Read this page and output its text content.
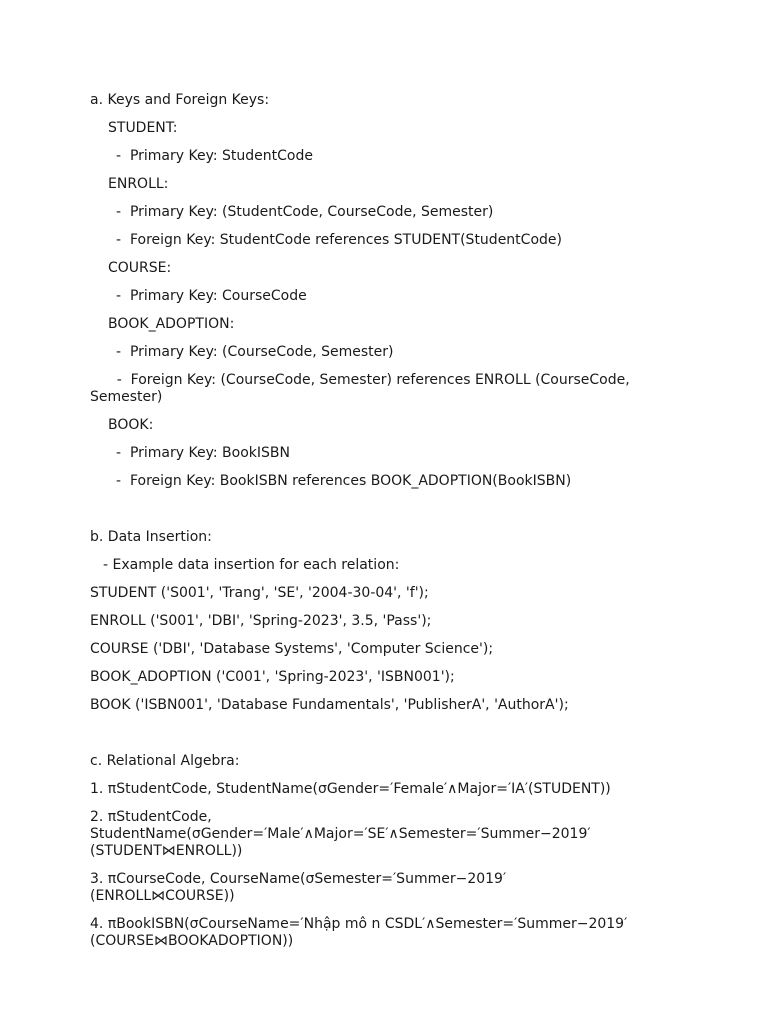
a. Keys and Foreign Keys:
STUDENT:
-  Primary Key: StudentCode
ENROLL:
-  Primary Key: (StudentCode, CourseCode, Semester)
-  Foreign Key: StudentCode references STUDENT(StudentCode)
COURSE:
-  Primary Key: CourseCode
BOOK_ADOPTION:
-  Primary Key: (CourseCode, Semester)
-  Foreign Key: (CourseCode, Semester) references ENROLL (CourseCode, Semester)
BOOK:
-  Primary Key: BookISBN
-  Foreign Key: BookISBN references BOOK_ADOPTION(BookISBN)
b. Data Insertion:
- Example data insertion for each relation:
STUDENT ('S001', 'Trang', 'SE', '2004-30-04', 'f');
ENROLL ('S001', 'DBI', 'Spring-2023', 3.5, 'Pass');
COURSE ('DBI', 'Database Systems', 'Computer Science');
BOOK_ADOPTION ('C001', 'Spring-2023', 'ISBN001');
BOOK ('ISBN001', 'Database Fundamentals', 'PublisherA', 'AuthorA');
c. Relational Algebra:
1. πStudentCode, StudentName(σGender=′Female′∧Major=′IA′(STUDENT))
2. πStudentCode, StudentName(σGender=′Male′∧Major=′SE′∧Semester=′Summer−2019′(STUDENT⋈ENROLL))
3. πCourseCode, CourseName(σSemester=′Summer−2019′(ENROLL⋈COURSE))
4. πBookISBN(σCourseName=′Nhập mô n CSDL′∧Semester=′Summer−2019′(COURSE⋈BOOKADOPTION))
